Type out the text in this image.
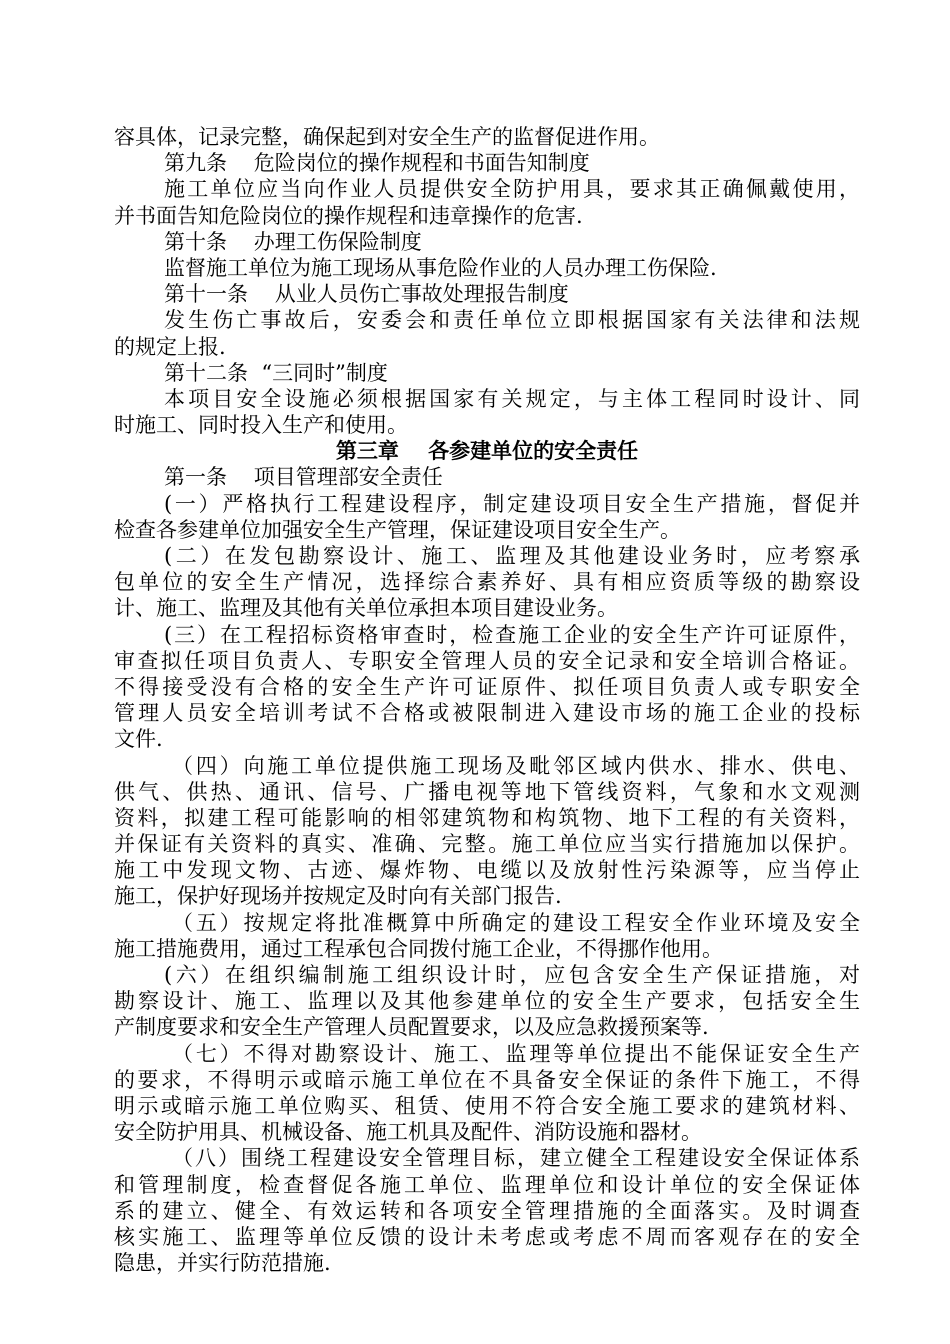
容具体，记录完整，确保起到对安全生产的监督促进作用。
第九条    危险岗位的操作规程和书面告知制度
施工单位应当向作业人员提供安全防护用具，要求其正确佩戴使用，
并书面告知危险岗位的操作规程和违章操作的危害.
第十条    办理工伤保险制度
监督施工单位为施工现场从事危险作业的人员办理工伤保险.
第十一条    从业人员伤亡事故处理报告制度
发生伤亡事故后，安委会和责任单位立即根据国家有关法律和法规
的规定上报.
第十二条  “三同时”制度
本项目安全设施必须根据国家有关规定，与主体工程同时设计、同
时施工、同时投入生产和使用。
第三章    各参建单位的安全责任
第一条    项目管理部安全责任
(一）严格执行工程建设程序，制定建设项目安全生产措施，督促并
检查各参建单位加强安全生产管理，保证建设项目安全生产。
(二）在发包勘察设计、施工、监理及其他建设业务时，应考察承
包单位的安全生产情况，选择综合素养好、具有相应资质等级的勘察设
计、施工、监理及其他有关单位承担本项目建设业务。
(三）在工程招标资格审查时，检查施工企业的安全生产许可证原件，
审查拟任项目负责人、专职安全管理人员的安全记录和安全培训合格证。
不得接受没有合格的安全生产许可证原件、拟任项目负责人或专职安全
管理人员安全培训考试不合格或被限制进入建设市场的施工企业的投标
文件.
（四）向施工单位提供施工现场及毗邻区域内供水、排水、供电、
供气、供热、通讯、信号、广播电视等地下管线资料，气象和水文观测
资料，拟建工程可能影响的相邻建筑物和构筑物、地下工程的有关资料，
并保证有关资料的真实、准确、完整。施工单位应当实行措施加以保护。
施工中发现文物、古迹、爆炸物、电缆以及放射性污染源等，应当停止
施工，保护好现场并按规定及时向有关部门报告.
（五）按规定将批准概算中所确定的建设工程安全作业环境及安全
施工措施费用，通过工程承包合同拨付施工企业，不得挪作他用。
(六）在组织编制施工组织设计时，应包含安全生产保证措施，对
勘察设计、施工、监理以及其他参建单位的安全生产要求，包括安全生
产制度要求和安全生产管理人员配置要求，以及应急救援预案等.
（七）不得对勘察设计、施工、监理等单位提出不能保证安全生产
的要求，不得明示或暗示施工单位在不具备安全保证的条件下施工，不得
明示或暗示施工单位购买、租赁、使用不符合安全施工要求的建筑材料、
安全防护用具、机械设备、施工机具及配件、消防设施和器材。
（八）围绕工程建设安全管理目标，建立健全工程建设安全保证体系
和管理制度，检查督促各施工单位、监理单位和设计单位的安全保证体
系的建立、健全、有效运转和各项安全管理措施的全面落实。及时调查
核实施工、监理等单位反馈的设计未考虑或考虑不周而客观存在的安全
隐患，并实行防范措施.
